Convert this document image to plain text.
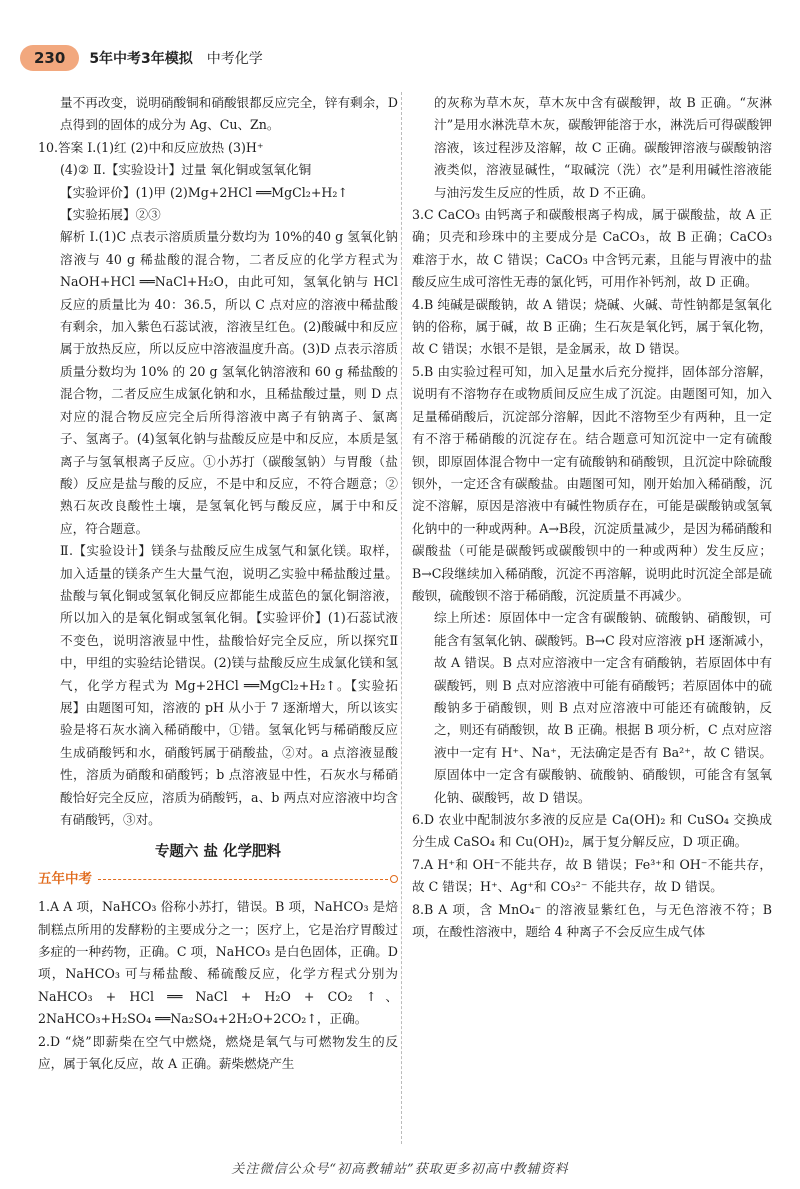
230	5年中考3年模拟 中考化学

量不再改变，说明硝酸铜和硝酸银都反应完全，锌有剩余，D 点得到的固体的成分为 Ag、Cu、Zn。

10.答案 Ⅰ.(1)红 (2)中和反应放热 (3)H⁺

(4)② Ⅱ.【实验设计】过量 氧化铜或氢氧化铜

【实验评价】(1)甲 (2)Mg+2HCl ══MgCl₂+H₂↑

【实验拓展】②③

解析 Ⅰ.(1)C 点表示溶质质量分数均为 10%的40 g 氢氧化钠溶液与 40 g 稀盐酸的混合物，二者反应的化学方程式为 NaOH+HCl ══NaCl+H₂O，由此可知，氢氧化钠与 HCl 反应的质量比为 40：36.5，所以 C 点对应的溶液中稀盐酸有剩余，加入紫色石蕊试液，溶液呈红色。(2)酸碱中和反应属于放热反应，所以反应中溶液温度升高。(3)D 点表示溶质质量分数均为 10% 的 20 g 氢氧化钠溶液和 60 g 稀盐酸的混合物，二者反应生成氯化钠和水，且稀盐酸过量，则 D 点对应的混合物反应完全后所得溶液中离子有钠离子、氯离子、氢离子。(4)氢氧化钠与盐酸反应是中和反应，本质是氢离子与氢氧根离子反应。①小苏打（碳酸氢钠）与胃酸（盐酸）反应是盐与酸的反应，不是中和反应，不符合题意；②熟石灰改良酸性土壤，是氢氧化钙与酸反应，属于中和反应，符合题意。

Ⅱ.【实验设计】镁条与盐酸反应生成氢气和氯化镁。取样，加入适量的镁条产生大量气泡，说明乙实验中稀盐酸过量。盐酸与氧化铜或氢氧化铜反应都能生成蓝色的氯化铜溶液，所以加入的是氧化铜或氢氧化铜。【实验评价】(1)石蕊试液不变色，说明溶液显中性，盐酸恰好完全反应，所以探究Ⅱ中，甲组的实验结论错误。(2)镁与盐酸反应生成氯化镁和氢气，化学方程式为 Mg+2HCl ══MgCl₂+H₂↑。【实验拓展】由题图可知，溶液的 pH 从小于 7 逐渐增大，所以该实验是将石灰水滴入稀硝酸中，①错。氢氧化钙与稀硝酸反应生成硝酸钙和水，硝酸钙属于硝酸盐，②对。a 点溶液显酸性，溶质为硝酸和硝酸钙；b 点溶液显中性，石灰水与稀硝酸恰好完全反应，溶质为硝酸钙，a、b 两点对应溶液中均含有硝酸钙，③对。

专题六 盐 化学肥料
五年中考

1.A A 项，NaHCO₃ 俗称小苏打，错误。B 项，NaHCO₃ 是焙制糕点所用的发酵粉的主要成分之一；医疗上，它是治疗胃酸过多症的一种药物，正确。C 项，NaHCO₃ 是白色固体，正确。D 项，NaHCO₃ 可与稀盐酸、稀硫酸反应，化学方程式分别为 NaHCO₃ + HCl ══ NaCl + H₂O + CO₂ ↑、2NaHCO₃+H₂SO₄ ══Na₂SO₄+2H₂O+2CO₂↑，正确。

2.D “烧”即薪柴在空气中燃烧，燃烧是氧气与可燃物发生的反应，属于氧化反应，故 A 正确。薪柴燃烧产生

的灰称为草木灰，草木灰中含有碳酸钾，故 B 正确。“灰淋汁”是用水淋洗草木灰，碳酸钾能溶于水，淋洗后可得碳酸钾溶液，该过程涉及溶解，故 C 正确。碳酸钾溶液与碳酸钠溶液类似，溶液显碱性，“取碱浣（洗）衣”是利用碱性溶液能与油污发生反应的性质，故 D 不正确。

3.C CaCO₃ 由钙离子和碳酸根离子构成，属于碳酸盐，故 A 正确；贝壳和珍珠中的主要成分是 CaCO₃，故 B 正确；CaCO₃ 难溶于水，故 C 错误；CaCO₃ 中含钙元素，且能与胃液中的盐酸反应生成可溶性无毒的氯化钙，可用作补钙剂，故 D 正确。

4.B 纯碱是碳酸钠，故 A 错误；烧碱、火碱、苛性钠都是氢氧化钠的俗称，属于碱，故 B 正确；生石灰是氧化钙，属于氧化物，故 C 错误；水银不是银，是金属汞，故 D 错误。

5.B 由实验过程可知，加入足量水后充分搅拌，固体部分溶解，说明有不溶物存在或物质间反应生成了沉淀。由题图可知，加入足量稀硝酸后，沉淀部分溶解，因此不溶物至少有两种，且一定有不溶于稀硝酸的沉淀存在。结合题意可知沉淀中一定有硫酸钡，即原固体混合物中一定有硫酸钠和硝酸钡，且沉淀中除硫酸钡外，一定还含有碳酸盐。由题图可知，刚开始加入稀硝酸，沉淀不溶解，原因是溶液中有碱性物质存在，可能是碳酸钠或氢氧化钠中的一种或两种。A→B段，沉淀质量减少，是因为稀硝酸和碳酸盐（可能是碳酸钙或碳酸钡中的一种或两种）发生反应；B→C段继续加入稀硝酸，沉淀不再溶解，说明此时沉淀全部是硫酸钡，硫酸钡不溶于稀硝酸，沉淀质量不再减少。

综上所述：原固体中一定含有碳酸钠、硫酸钠、硝酸钡，可能含有氢氧化钠、碳酸钙。B→C 段对应溶液 pH 逐渐减小，故 A 错误。B 点对应溶液中一定含有硝酸钠，若原固体中有碳酸钙，则 B 点对应溶液中可能有硝酸钙；若原固体中的硫酸钠多于硝酸钡，则 B 点对应溶液中可能还有硫酸钠，反之，则还有硝酸钡，故 B 正确。根据 B 项分析，C 点对应溶液中一定有 H⁺、Na⁺，无法确定是否有 Ba²⁺，故 C 错误。原固体中一定含有碳酸钠、硫酸钠、硝酸钡，可能含有氢氧化钠、碳酸钙，故 D 错误。

6.D 农业中配制波尔多液的反应是 Ca(OH)₂ 和 CuSO₄ 交换成分生成 CaSO₄ 和 Cu(OH)₂，属于复分解反应，D 项正确。

7.A H⁺和 OH⁻不能共存，故 B 错误；Fe³⁺和 OH⁻不能共存，故 C 错误；H⁺、Ag⁺和 CO₃²⁻ 不能共存，故 D 错误。

8.B A 项，含 MnO₄⁻ 的溶液显紫红色，与无色溶液不符；B 项，在酸性溶液中，题给 4 种离子不会反应生成气体

关注微信公众号“初高教辅站”获取更多初高中教辅资料
